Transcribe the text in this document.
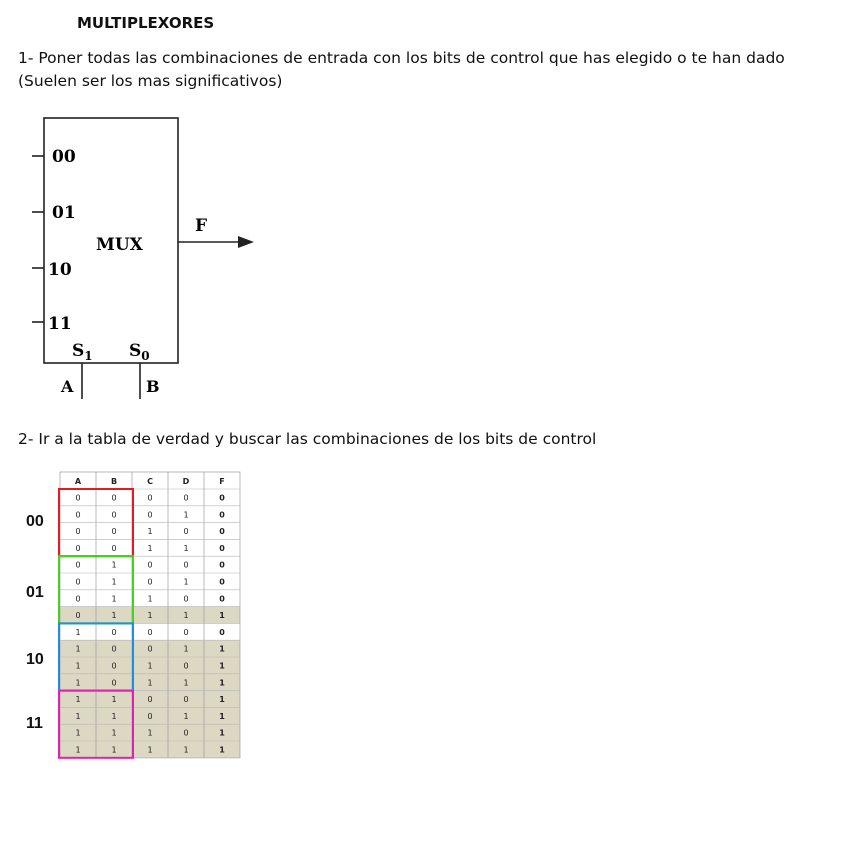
MULTIPLEXORES
1- Poner todas las combinaciones de entrada con los bits de control que has elegido o te han dado (Suelen ser los mas significativos)
00
01
10
11
MUX
F
$S_1$ $S_0$
A	B
2- Ir a la tabla de verdad y buscar las combinaciones de los bits de control
00
01
10
11
A	B	C	D	F
0	0	0	0	0
0	0	0	1	0
0	0	1	0	0
0	0	1	1	0
0	1	0	0	0
0	1	0	1	0
0	1	1	0	0
0	1	1	1	1
1	0	0	0	0
1	0	0	1	1
1	0	1	0	1
1	0	1	1	1
1	1	0	0	1
1	1	0	1	1
1	1	1	0	1
1	1	1	1	1
